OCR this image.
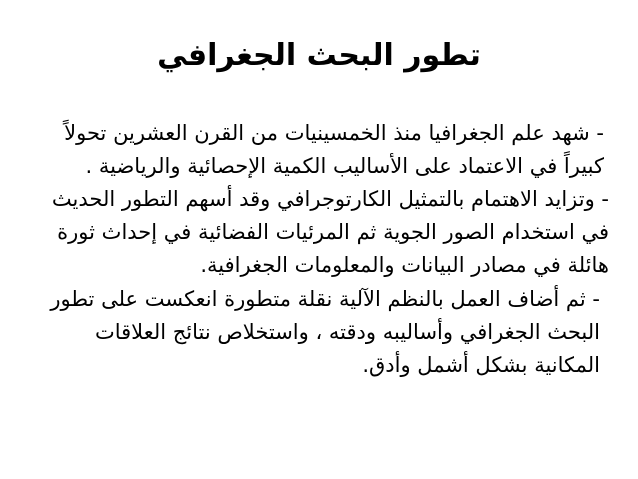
تطور البحث الجغرافي
- شهد علم الجغرافيا منذ الخمسينيات من القرن العشرين تحولاً
كبيراً في الاعتماد على الأساليب الكمية الإحصائية والرياضية .
- وتزايد الاهتمام بالتمثيل الكارتوجرافي وقد أسهم التطور الحديث
في استخدام الصور الجوية ثم المرئيات الفضائية في إحداث ثورة
هائلة في مصادر البيانات والمعلومات الجغرافية.
- ثم أضاف العمل بالنظم الآلية نقلة متطورة انعكست على تطور
البحث الجغرافي وأساليبه ودقته ، واستخلاص نتائج العلاقات
المكانية بشكل أشمل وأدق.
